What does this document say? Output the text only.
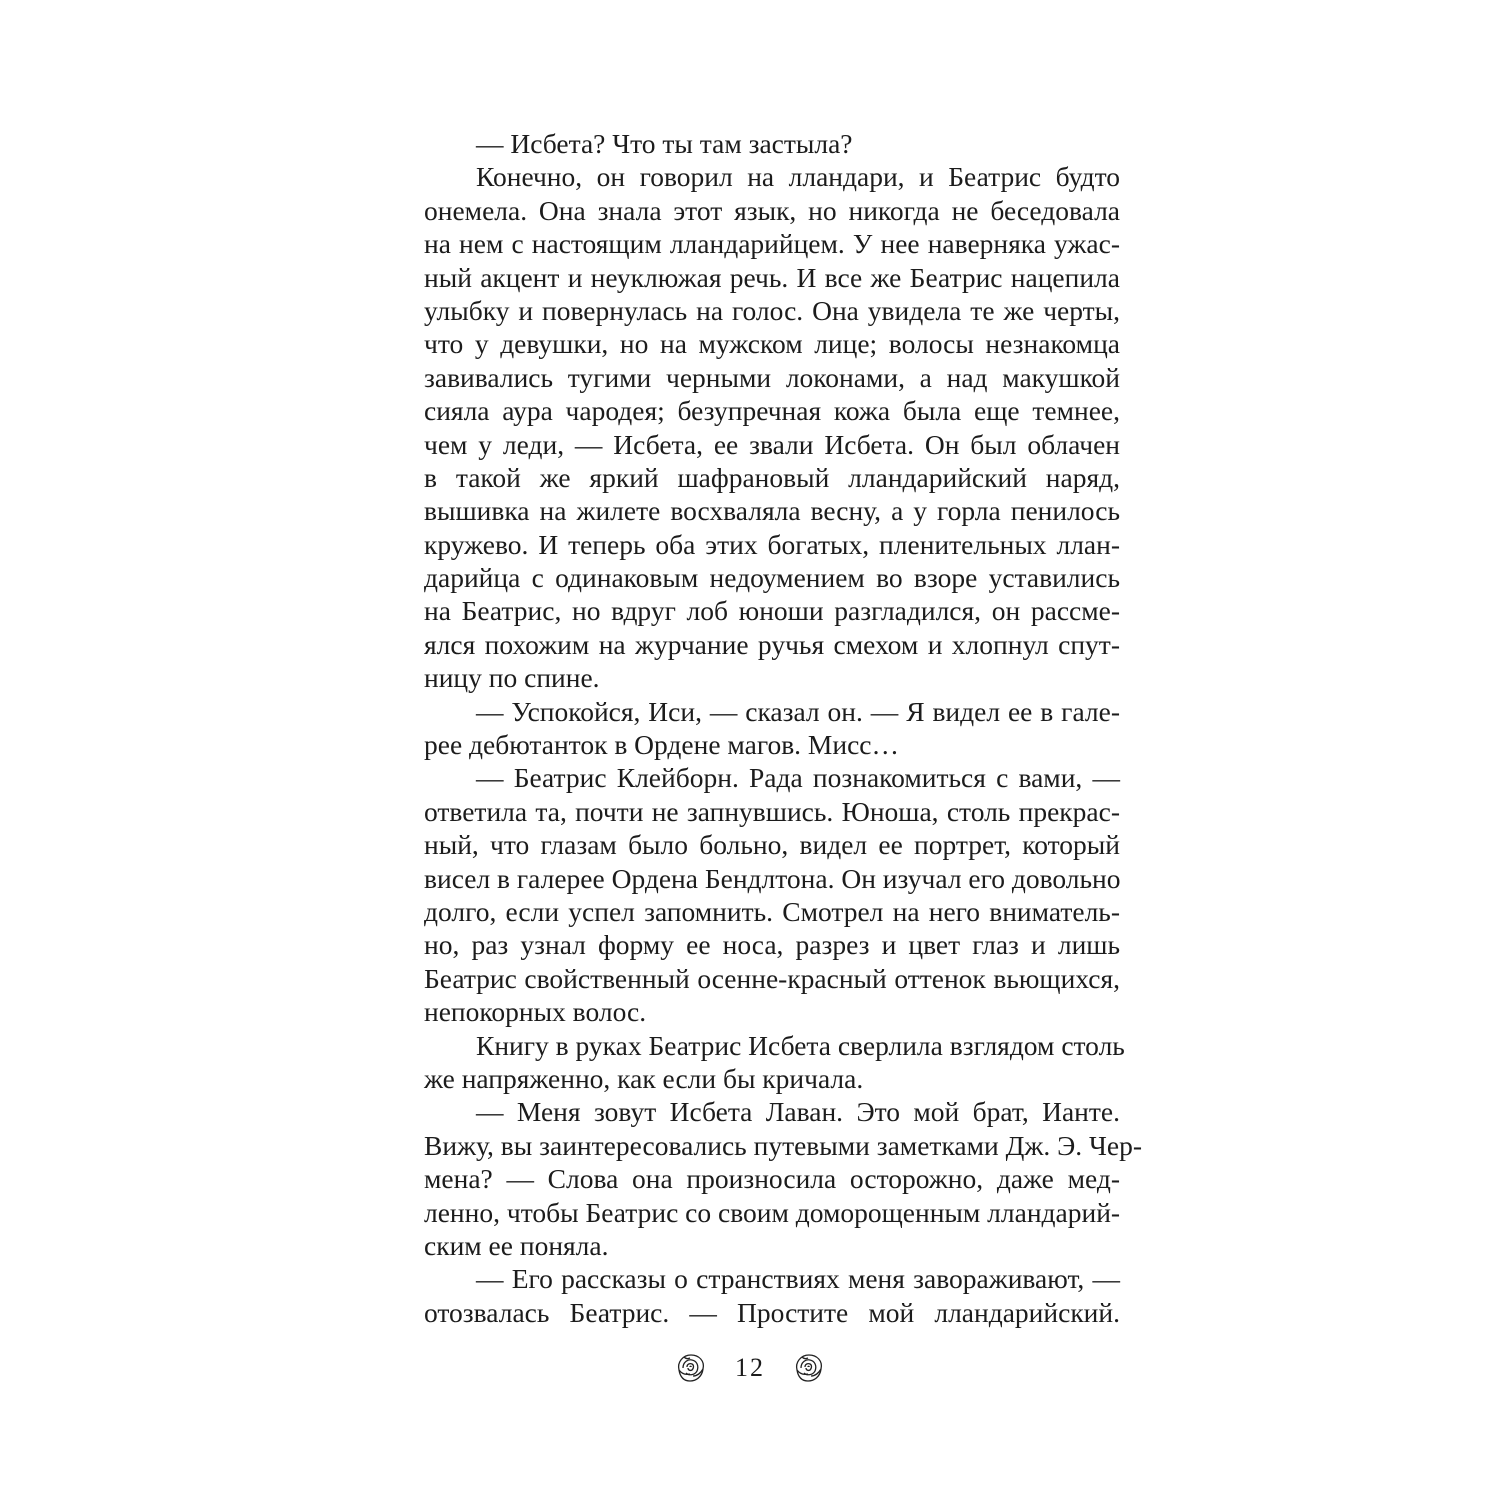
— Исбета? Что ты там застыла?
Конечно, он говорил на лландари, и Беатрис будто
онемела. Она знала этот язык, но никогда не беседовала
на нем с настоящим лландарийцем. У нее наверняка ужас-
ный акцент и неуклюжая речь. И все же Беатрис нацепила
улыбку и повернулась на голос. Она увидела те же черты,
что у девушки, но на мужском лице; волосы незнакомца
завивались тугими черными локонами, а над макушкой
сияла аура чародея; безупречная кожа была еще темнее,
чем у леди, — Исбета, ее звали Исбета. Он был облачен
в такой же яркий шафрановый лландарийский наряд,
вышивка на жилете восхваляла весну, а у горла пенилось
кружево. И теперь оба этих богатых, пленительных ллан-
дарийца с одинаковым недоумением во взоре уставились
на Беатрис, но вдруг лоб юноши разгладился, он рассме-
ялся похожим на журчание ручья смехом и хлопнул спут-
ницу по спине.
— Успокойся, Иси, — сказал он. — Я видел ее в гале-
рее дебютанток в Ордене магов. Мисс…
— Беатрис Клейборн. Рада познакомиться с вами, —
ответила та, почти не запнувшись. Юноша, столь прекрас-
ный, что глазам было больно, видел ее портрет, который
висел в галерее Ордена Бендлтона. Он изучал его довольно
долго, если успел запомнить. Смотрел на него вниматель-
но, раз узнал форму ее носа, разрез и цвет глаз и лишь
Беатрис свойственный осенне-красный оттенок вьющихся,
непокорных волос.
Книгу в руках Беатрис Исбета сверлила взглядом столь
же напряженно, как если бы кричала.
— Меня зовут Исбета Лаван. Это мой брат, Ианте.
Вижу, вы заинтересовались путевыми заметками Дж. Э. Чер-
мена? — Слова она произносила осторожно, даже мед-
ленно, чтобы Беатрис со своим доморощенным лландарий-
ским ее поняла.
— Его рассказы о странствиях меня завораживают, —
отозвалась Беатрис. — Простите мой лландарийский.
12
